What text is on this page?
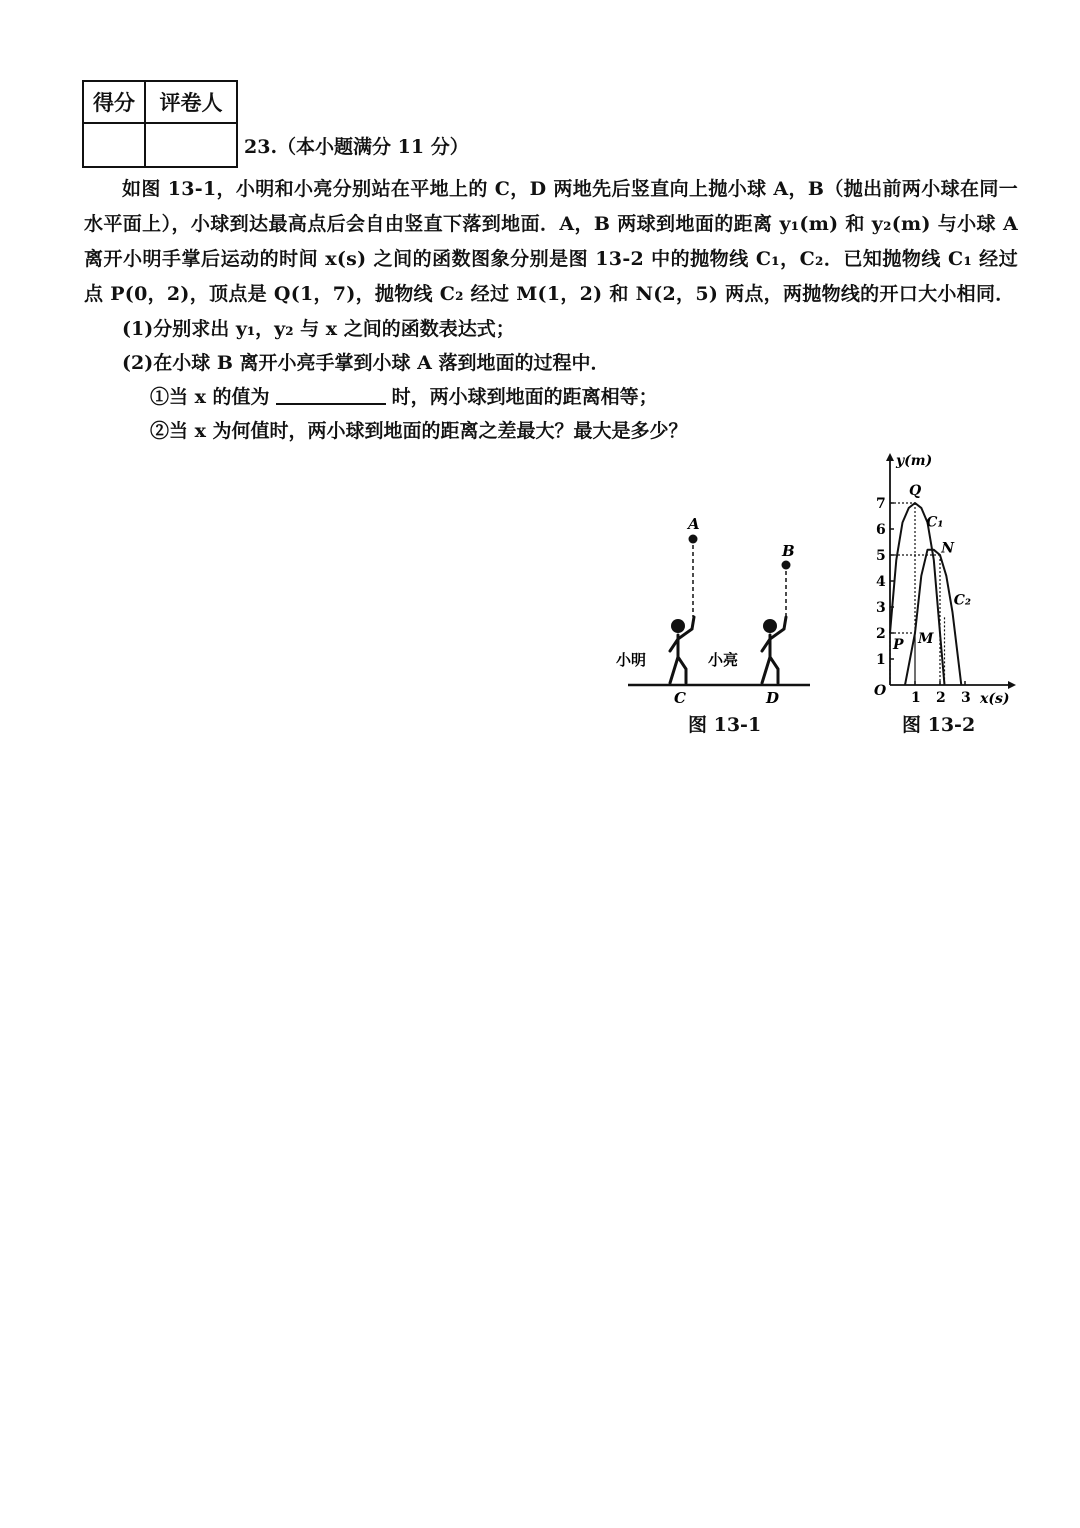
得分	评卷人

23.（本小题满分 11 分）
如图 13-1，小明和小亮分别站在平地上的 C，D 两地先后竖直向上抛小球 A，B（抛出前两小球在同一水平面上），小球到达最高点后会自由竖直下落到地面．A，B 两球到地面的距离 y₁(m) 和 y₂(m) 与小球 A 离开小明手掌后运动的时间 x(s) 之间的函数图象分别是图 13-2 中的抛物线 C₁，C₂．已知抛物线 C₁ 经过点 P(0，2)，顶点是 Q(1，7)，抛物线 C₂ 经过 M(1，2) 和 N(2，5) 两点，两抛物线的开口大小相同．
(1)分别求出 y₁，y₂ 与 x 之间的函数表达式；
(2)在小球 B 离开小亮手掌到小球 A 落到地面的过程中．
①当 x 的值为	时，两小球到地面的距离相等；
②当 x 为何值时，两小球到地面的距离之差最大？最大是多少？
A
B
小明
C
小亮
D
图 13-1
y(m)
x(s)
O
1
2
3
4
5
6
7
1 2 3
Q
C₁
N
C₂
P M
图 13-2
